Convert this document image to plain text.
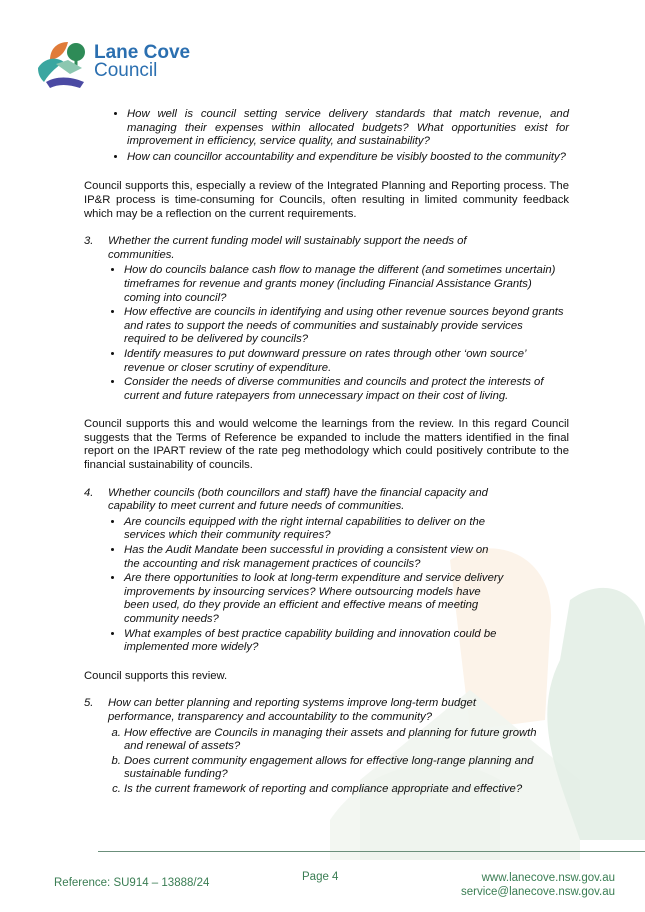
Lane Cove
Council
• How well is council setting service delivery standards that match revenue, and managing their expenses within allocated budgets? What opportunities exist for improvement in efficiency, service quality, and sustainability?
• How can councillor accountability and expenditure be visibly boosted to the community?

Council supports this, especially a review of the Integrated Planning and Reporting process. The IP&R process is time-consuming for Councils, often resulting in limited community feedback which may be a reflection on the current requirements.

3.	Whether the current funding model will sustainably support the needs of communities.
• How do councils balance cash flow to manage the different (and sometimes uncertain) timeframes for revenue and grants money (including Financial Assistance Grants) coming into council?
• How effective are councils in identifying and using other revenue sources beyond grants and rates to support the needs of communities and sustainably provide services required to be delivered by councils?
• Identify measures to put downward pressure on rates through other ‘own source’ revenue or closer scrutiny of expenditure.
• Consider the needs of diverse communities and councils and protect the interests of current and future ratepayers from unnecessary impact on their cost of living.

Council supports this and would welcome the learnings from the review. In this regard Council suggests that the Terms of Reference be expanded to include the matters identified in the final report on the IPART review of the rate peg methodology which could positively contribute to the financial sustainability of councils.

4.	Whether councils (both councillors and staff) have the financial capacity and capability to meet current and future needs of communities.
• Are councils equipped with the right internal capabilities to deliver on the services which their community requires?
• Has the Audit Mandate been successful in providing a consistent view on the accounting and risk management practices of councils?
• Are there opportunities to look at long-term expenditure and service delivery improvements by insourcing services? Where outsourcing models have been used, do they provide an efficient and effective means of meeting community needs?
• What examples of best practice capability building and innovation could be implemented more widely?

Council supports this review.

5.	How can better planning and reporting systems improve long-term budget performance, transparency and accountability to the community?
a. How effective are Councils in managing their assets and planning for future growth and renewal of assets?
b. Does current community engagement allows for effective long-range planning and sustainable funding?
c. Is the current framework of reporting and compliance appropriate and effective?
Reference: SU914 – 13888/24	Page 4	www.lanecove.nsw.gov.au
service@lanecove.nsw.gov.au
